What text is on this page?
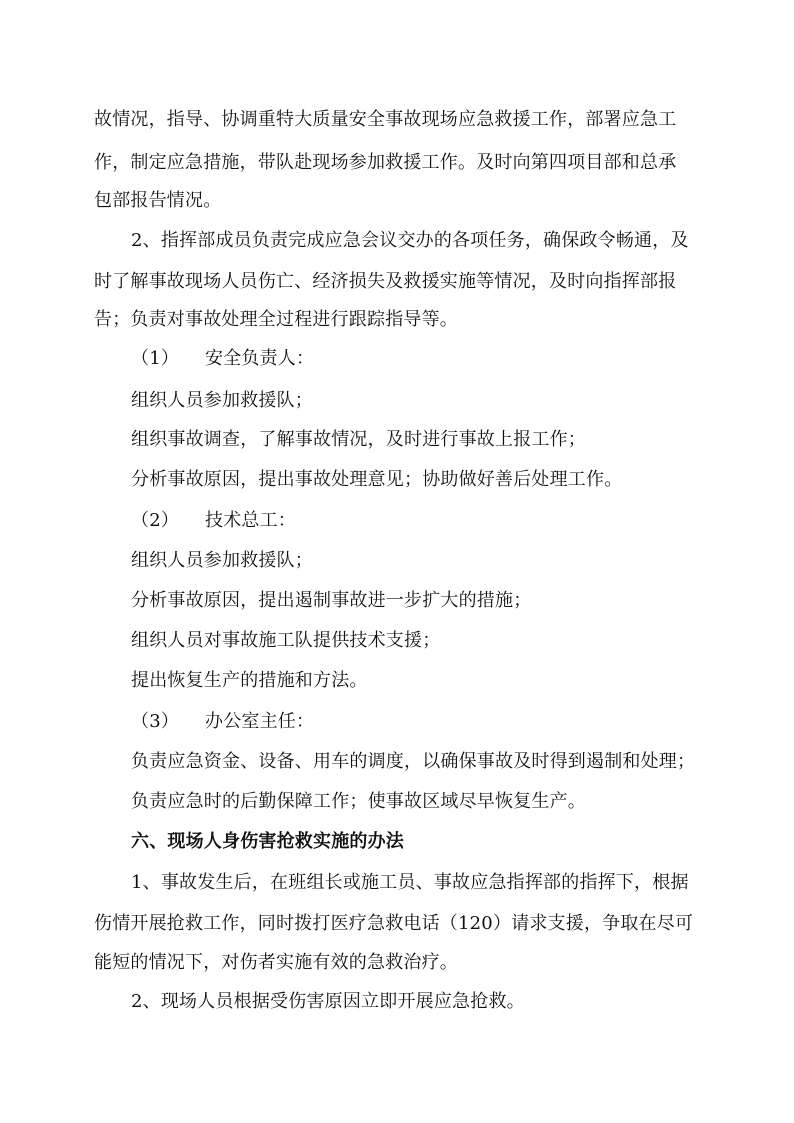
故情况，指导、协调重特大质量安全事故现场应急救援工作，部署应急工
作，制定应急措施，带队赴现场参加救援工作。及时向第四项目部和总承
包部报告情况。
2、指挥部成员负责完成应急会议交办的各项任务，确保政令畅通，及
时了解事故现场人员伤亡、经济损失及救援实施等情况，及时向指挥部报
告；负责对事故处理全过程进行跟踪指导等。
（1） 安全负责人：
组织人员参加救援队；
组织事故调查，了解事故情况，及时进行事故上报工作；
分析事故原因，提出事故处理意见；协助做好善后处理工作。
（2） 技术总工：
组织人员参加救援队；
分析事故原因，提出遏制事故进一步扩大的措施；
组织人员对事故施工队提供技术支援；
提出恢复生产的措施和方法。
（3） 办公室主任：
负责应急资金、设备、用车的调度，以确保事故及时得到遏制和处理；
负责应急时的后勤保障工作；使事故区域尽早恢复生产。
六、现场人身伤害抢救实施的办法
1、事故发生后，在班组长或施工员、事故应急指挥部的指挥下，根据
伤情开展抢救工作，同时拨打医疗急救电话（120）请求支援，争取在尽可
能短的情况下，对伤者实施有效的急救治疗。
2、现场人员根据受伤害原因立即开展应急抢救。
